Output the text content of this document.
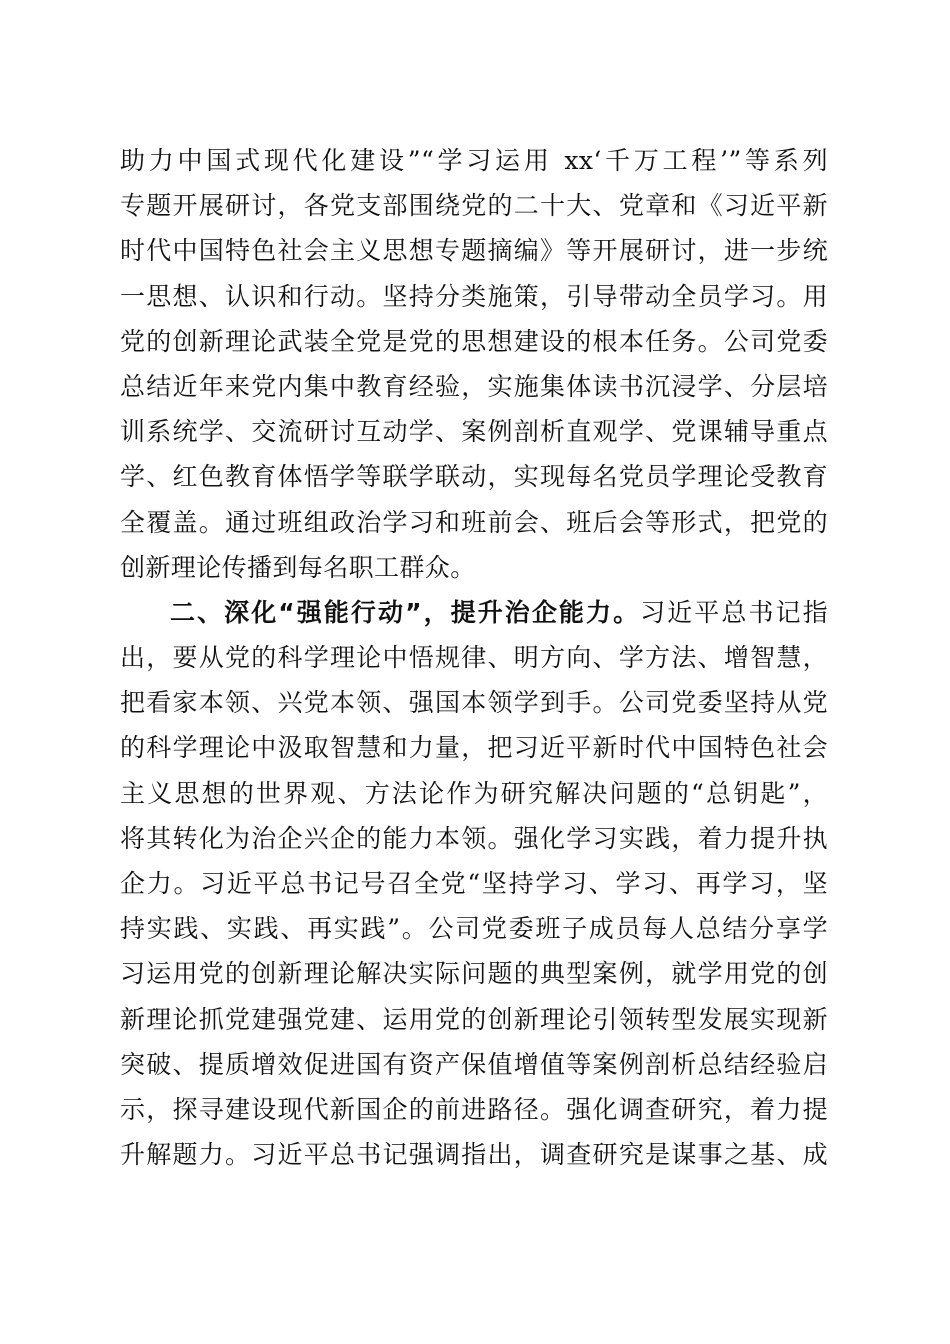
助力中国式现代化建设”“学习运用 xx‘千万工程’”等系列
专题开展研讨，各党支部围绕党的二十大、党章和《习近平新
时代中国特色社会主义思想专题摘编》等开展研讨，进一步统
一思想、认识和行动。坚持分类施策，引导带动全员学习。用
党的创新理论武装全党是党的思想建设的根本任务。公司党委
总结近年来党内集中教育经验，实施集体读书沉浸学、分层培
训系统学、交流研讨互动学、案例剖析直观学、党课辅导重点
学、红色教育体悟学等联学联动，实现每名党员学理论受教育
全覆盖。通过班组政治学习和班前会、班后会等形式，把党的
创新理论传播到每名职工群众。
二、深化“强能行动”，提升治企能力。习近平总书记指
出，要从党的科学理论中悟规律、明方向、学方法、增智慧，
把看家本领、兴党本领、强国本领学到手。公司党委坚持从党
的科学理论中汲取智慧和力量，把习近平新时代中国特色社会
主义思想的世界观、方法论作为研究解决问题的“总钥匙”，
将其转化为治企兴企的能力本领。强化学习实践，着力提升执
企力。习近平总书记号召全党“坚持学习、学习、再学习，坚
持实践、实践、再实践”。公司党委班子成员每人总结分享学
习运用党的创新理论解决实际问题的典型案例，就学用党的创
新理论抓党建强党建、运用党的创新理论引领转型发展实现新
突破、提质增效促进国有资产保值增值等案例剖析总结经验启
示，探寻建设现代新国企的前进路径。强化调查研究，着力提
升解题力。习近平总书记强调指出，调查研究是谋事之基、成
